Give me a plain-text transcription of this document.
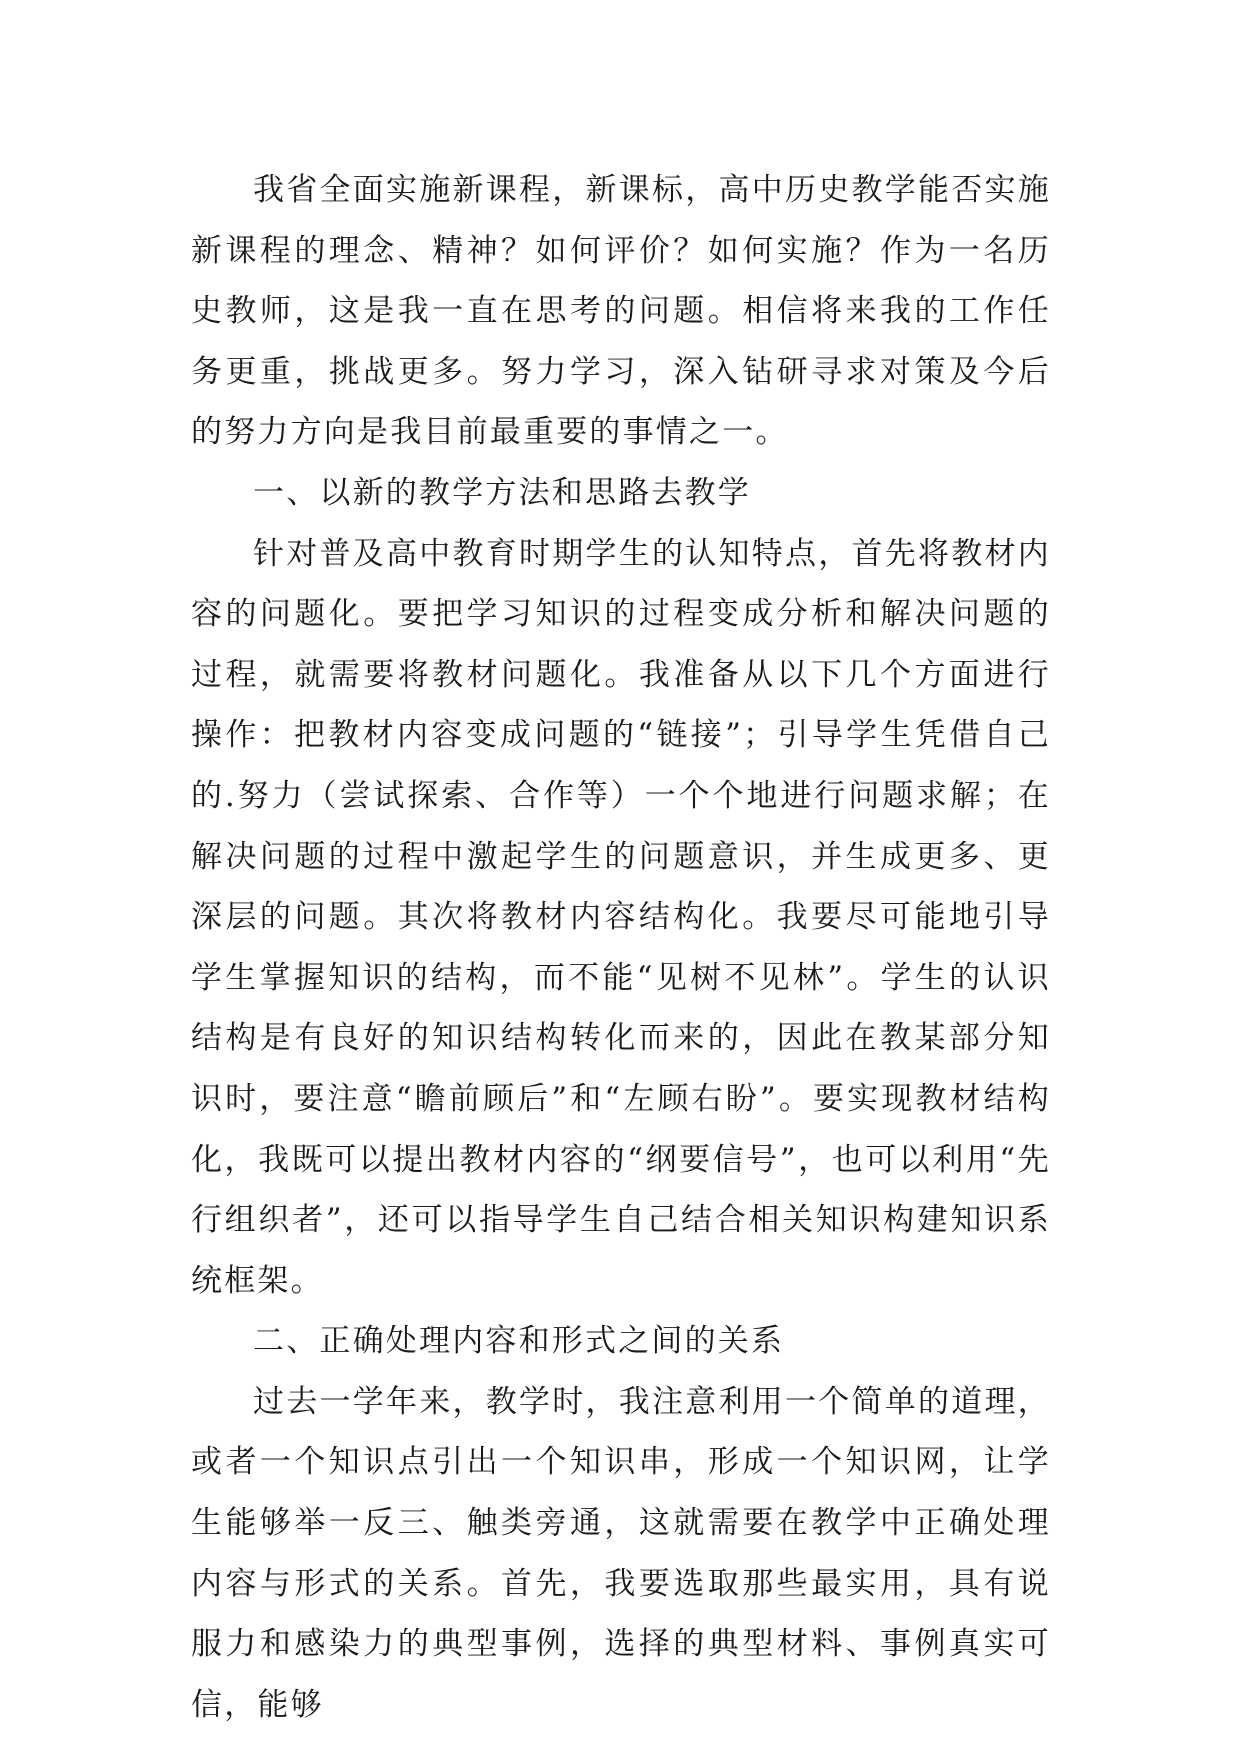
我省全面实施新课程，新课标，高中历史教学能否实施新课程的理念、精神？如何评价？如何实施？作为一名历史教师，这是我一直在思考的问题。相信将来我的工作任务更重，挑战更多。努力学习，深入钻研寻求对策及今后的努力方向是我目前最重要的事情之一。

一、以新的教学方法和思路去教学

针对普及高中教育时期学生的认知特点，首先将教材内容的问题化。要把学习知识的过程变成分析和解决问题的过程，就需要将教材问题化。我准备从以下几个方面进行操作：把教材内容变成问题的“链接”；引导学生凭借自己的.努力（尝试探索、合作等）一个个地进行问题求解；在解决问题的过程中激起学生的问题意识，并生成更多、更深层的问题。其次将教材内容结构化。我要尽可能地引导学生掌握知识的结构，而不能“见树不见林”。学生的认识结构是有良好的知识结构转化而来的，因此在教某部分知识时，要注意“瞻前顾后”和“左顾右盼”。要实现教材结构化，我既可以提出教材内容的“纲要信号”，也可以利用“先行组织者”，还可以指导学生自己结合相关知识构建知识系统框架。

二、正确处理内容和形式之间的关系

过去一学年来，教学时，我注意利用一个简单的道理，或者一个知识点引出一个知识串，形成一个知识网，让学生能够举一反三、触类旁通，这就需要在教学中正确处理内容与形式的关系。首先，我要选取那些最实用，具有说服力和感染力的典型事例，选择的典型材料、事例真实可信，能够
